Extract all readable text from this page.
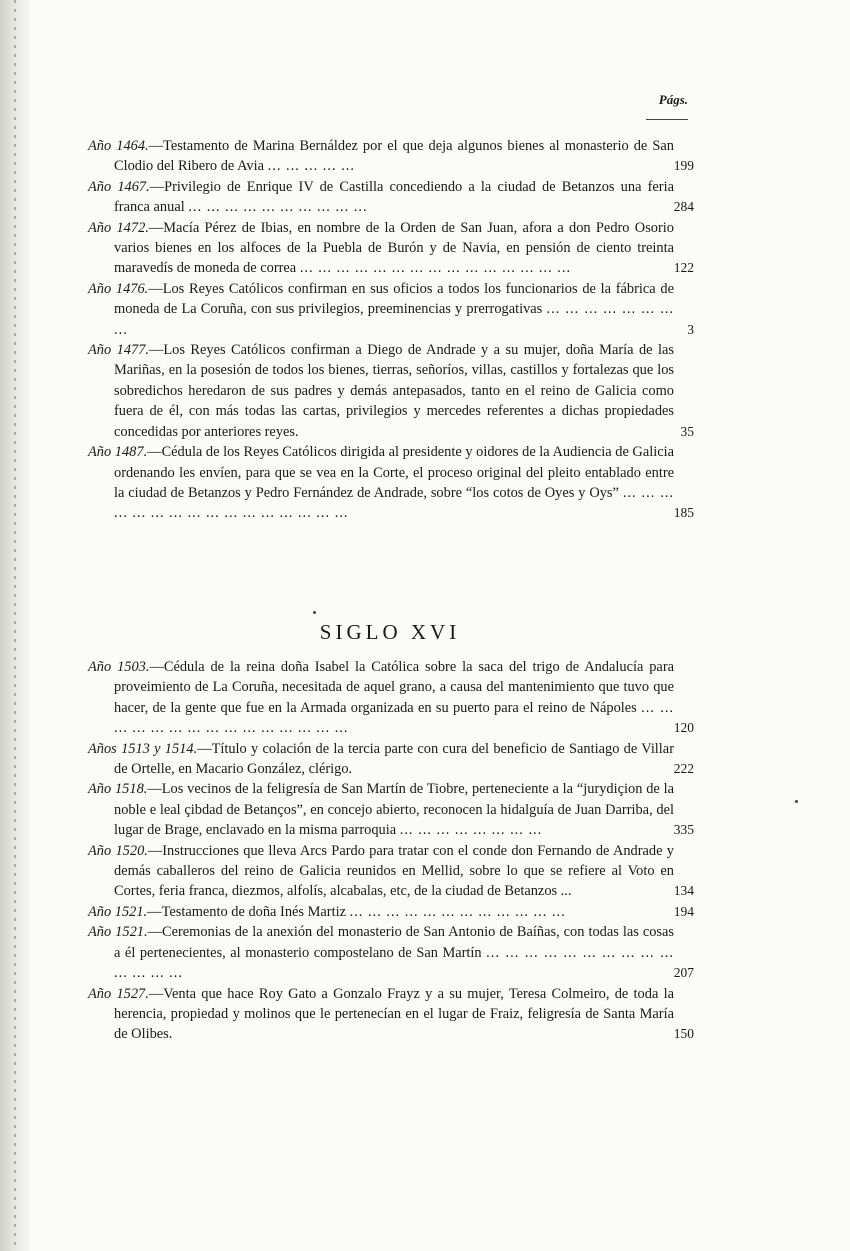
Págs.
Año 1464.—Testamento de Marina Bernáldez por el que deja algunos bienes al monasterio de San Clodio del Ribero de Avia ... ... ... ... ...	199
Año 1467.—Privilegio de Enrique IV de Castilla concediendo a la ciudad de Betanzos una feria franca anual ... ... ... ... ... ... ... ... ... ...	284
Año 1472.—Macía Pérez de Ibias, en nombre de la Orden de San Juan, afora a don Pedro Osorio varios bienes en los alfoces de la Puebla de Burón y de Navia, en pensión de ciento treinta maravedís de moneda de correa ... ... ... ... ... ... ... ... ... ... ... ... ... ... ...	122
Año 1476.—Los Reyes Católicos confirman en sus oficios a todos los funcionarios de la fábrica de moneda de La Coruña, con sus privilegios, preeminencias y prerrogativas ... ... ... ... ... ... ... ...	3
Año 1477.—Los Reyes Católicos confirman a Diego de Andrade y a su mujer, doña María de las Mariñas, en la posesión de todos los bienes, tierras, señoríos, villas, castillos y fortalezas que los sobredichos heredaron de sus padres y demás antepasados, tanto en el reino de Galicia como fuera de él, con más todas las cartas, privilegios y mercedes referentes a dichas propiedades concedidas por anteriores reyes.	35
Año 1487.—Cédula de los Reyes Católicos dirigida al presidente y oidores de la Audiencia de Galicia ordenando les envíen, para que se vea en la Corte, el proceso original del pleito entablado entre la ciudad de Betanzos y Pedro Fernández de Andrade, sobre “los cotos de Oyes y Oys” ... ... ... ... ... ... ... ... ... ... ... ... ... ... ... ...	185
SIGLO XVI
Año 1503.—Cédula de la reina doña Isabel la Católica sobre la saca del trigo de Andalucía para proveimiento de La Coruña, necesitada de aquel grano, a causa del mantenimiento que tuvo que hacer, de la gente que fue en la Armada organizada en su puerto para el reino de Nápoles ... ... ... ... ... ... ... ... ... ... ... ... ... ... ...	120
Años 1513 y 1514.—Título y colación de la tercia parte con cura del beneficio de Santiago de Villar de Ortelle, en Macario González, clérigo.	222
Año 1518.—Los vecinos de la feligresía de San Martín de Tiobre, perteneciente a la “jurydiçion de la noble e leal çibdad de Betanços”, en concejo abierto, reconocen la hidalguía de Juan Darriba, del lugar de Brage, enclavado en la misma parroquia ... ... ... ... ... ... ... ...	335
Año 1520.—Instrucciones que lleva Arcs Pardo para tratar con el conde don Fernando de Andrade y demás caballeros del reino de Galicia reunidos en Mellid, sobre lo que se refiere al Voto en Cortes, feria franca, diezmos, alfolís, alcabalas, etc, de la ciudad de Betanzos ...	134
Año 1521.—Testamento de doña Inés Martiz ... ... ... ... ... ... ... ... ... ... ... ...	194
Año 1521.—Ceremonias de la anexión del monasterio de San Antonio de Baíñas, con todas las cosas a él pertenecientes, al monasterio compostelano de San Martín ... ... ... ... ... ... ... ... ... ... ... ... ... ...	207
Año 1527.—Venta que hace Roy Gato a Gonzalo Frayz y a su mujer, Teresa Colmeiro, de toda la herencia, propiedad y molinos que le pertenecían en el lugar de Fraiz, feligresía de Santa María de Olibes.	150
